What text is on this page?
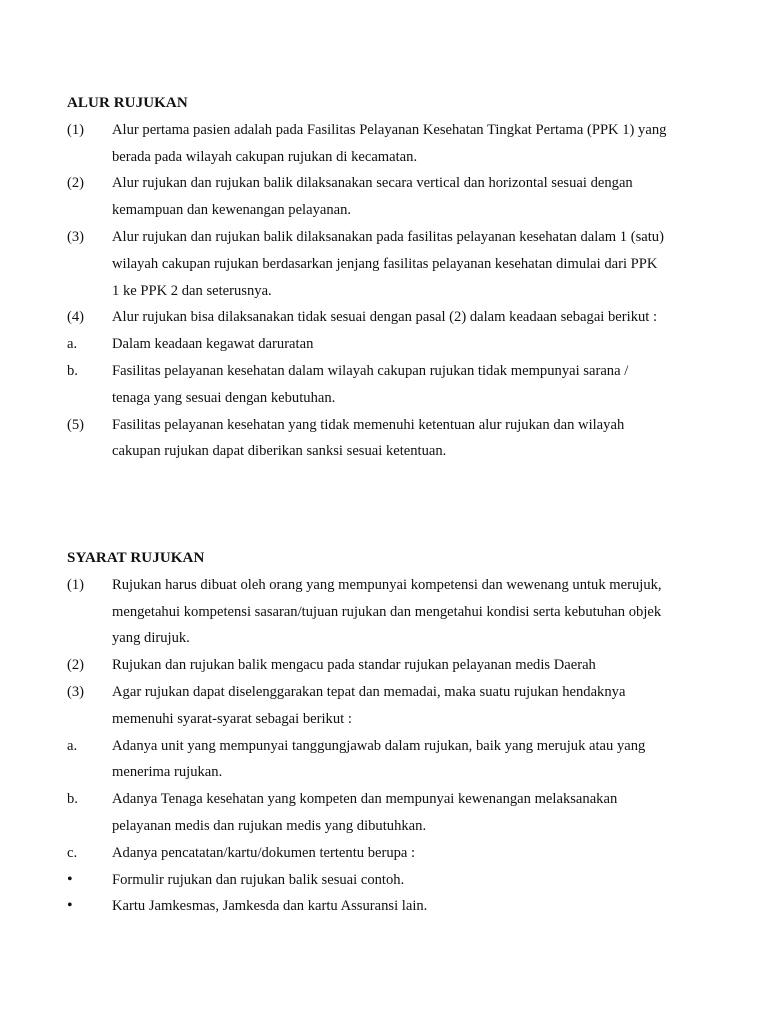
ALUR RUJUKAN

(1) Alur pertama pasien adalah pada Fasilitas Pelayanan Kesehatan Tingkat Pertama (PPK 1) yang berada pada wilayah cakupan rujukan di kecamatan.

(2) Alur rujukan dan rujukan balik dilaksanakan secara vertical dan horizontal sesuai dengan kemampuan dan kewenangan pelayanan.

(3) Alur rujukan dan rujukan balik dilaksanakan pada fasilitas pelayanan kesehatan dalam 1 (satu) wilayah cakupan rujukan berdasarkan jenjang fasilitas pelayanan kesehatan dimulai dari PPK 1 ke PPK 2 dan seterusnya.

(4) Alur rujukan bisa dilaksanakan tidak sesuai dengan pasal (2) dalam keadaan sebagai berikut :

a. Dalam keadaan kegawat daruratan

b. Fasilitas pelayanan kesehatan dalam wilayah cakupan rujukan tidak mempunyai sarana / tenaga yang sesuai dengan kebutuhan.

(5) Fasilitas pelayanan kesehatan yang tidak memenuhi ketentuan alur rujukan dan wilayah cakupan rujukan dapat diberikan sanksi sesuai ketentuan.

SYARAT RUJUKAN

(1) Rujukan harus dibuat oleh orang yang mempunyai kompetensi dan wewenang untuk merujuk, mengetahui kompetensi sasaran/tujuan rujukan dan mengetahui kondisi serta kebutuhan objek yang dirujuk.

(2) Rujukan dan rujukan balik mengacu pada standar rujukan pelayanan medis Daerah

(3) Agar rujukan dapat diselenggarakan tepat dan memadai, maka suatu rujukan hendaknya memenuhi syarat-syarat sebagai berikut :

a. Adanya unit yang mempunyai tanggungjawab dalam rujukan, baik yang merujuk atau yang menerima rujukan.

b. Adanya Tenaga kesehatan yang kompeten dan mempunyai kewenangan melaksanakan pelayanan medis dan rujukan medis yang dibutuhkan.

c. Adanya pencatatan/kartu/dokumen tertentu berupa :

•	Formulir rujukan dan rujukan balik sesuai contoh.

•	Kartu Jamkesmas, Jamkesda dan kartu Assuransi lain.
